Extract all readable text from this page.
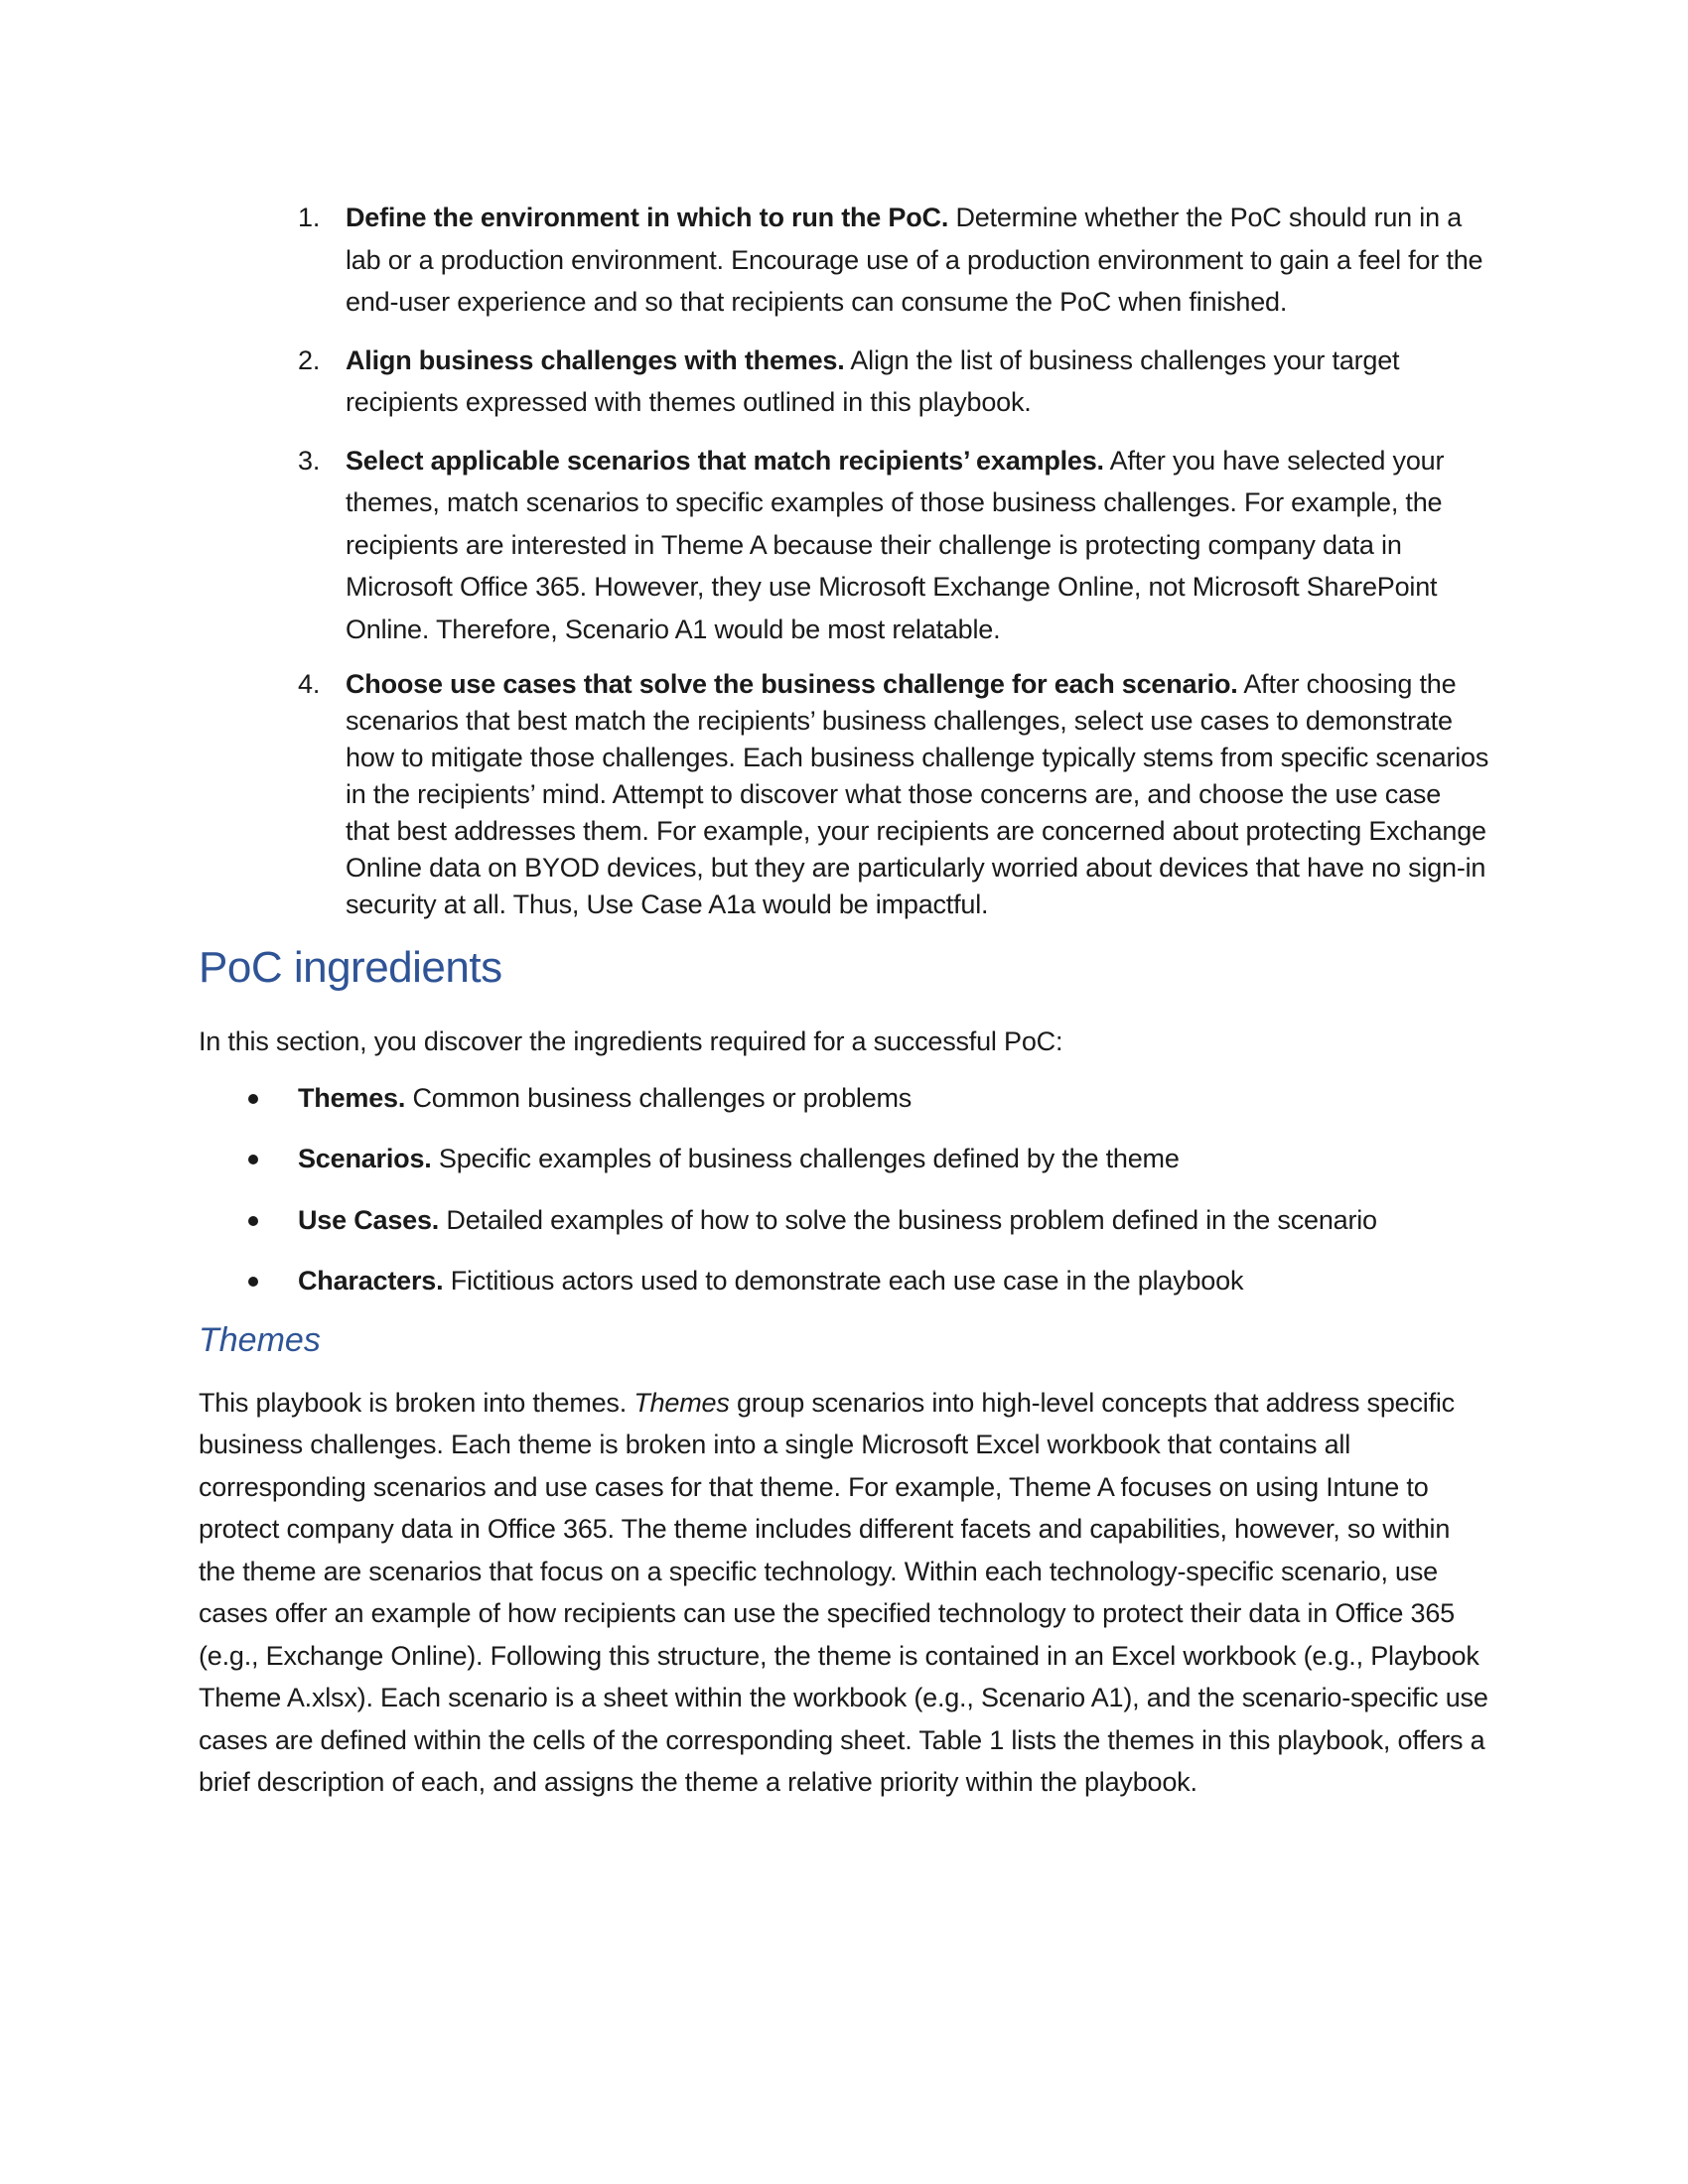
1. Define the environment in which to run the PoC. Determine whether the PoC should run in a lab or a production environment. Encourage use of a production environment to gain a feel for the end-user experience and so that recipients can consume the PoC when finished.
2. Align business challenges with themes. Align the list of business challenges your target recipients expressed with themes outlined in this playbook.
3. Select applicable scenarios that match recipients’ examples. After you have selected your themes, match scenarios to specific examples of those business challenges. For example, the recipients are interested in Theme A because their challenge is protecting company data in Microsoft Office 365. However, they use Microsoft Exchange Online, not Microsoft SharePoint Online. Therefore, Scenario A1 would be most relatable.
4. Choose use cases that solve the business challenge for each scenario. After choosing the scenarios that best match the recipients’ business challenges, select use cases to demonstrate how to mitigate those challenges. Each business challenge typically stems from specific scenarios in the recipients’ mind. Attempt to discover what those concerns are, and choose the use case that best addresses them. For example, your recipients are concerned about protecting Exchange Online data on BYOD devices, but they are particularly worried about devices that have no sign-in security at all. Thus, Use Case A1a would be impactful.
PoC ingredients

In this section, you discover the ingredients required for a successful PoC:

Themes. Common business challenges or problems
Scenarios. Specific examples of business challenges defined by the theme
Use Cases. Detailed examples of how to solve the business problem defined in the scenario
Characters. Fictitious actors used to demonstrate each use case in the playbook
Themes

This playbook is broken into themes. Themes group scenarios into high-level concepts that address specific business challenges. Each theme is broken into a single Microsoft Excel workbook that contains all corresponding scenarios and use cases for that theme. For example, Theme A focuses on using Intune to protect company data in Office 365. The theme includes different facets and capabilities, however, so within the theme are scenarios that focus on a specific technology. Within each technology-specific scenario, use cases offer an example of how recipients can use the specified technology to protect their data in Office 365 (e.g., Exchange Online). Following this structure, the theme is contained in an Excel workbook (e.g., Playbook Theme A.xlsx). Each scenario is a sheet within the workbook (e.g., Scenario A1), and the scenario-specific use cases are defined within the cells of the corresponding sheet. Table 1 lists the themes in this playbook, offers a brief description of each, and assigns the theme a relative priority within the playbook.
